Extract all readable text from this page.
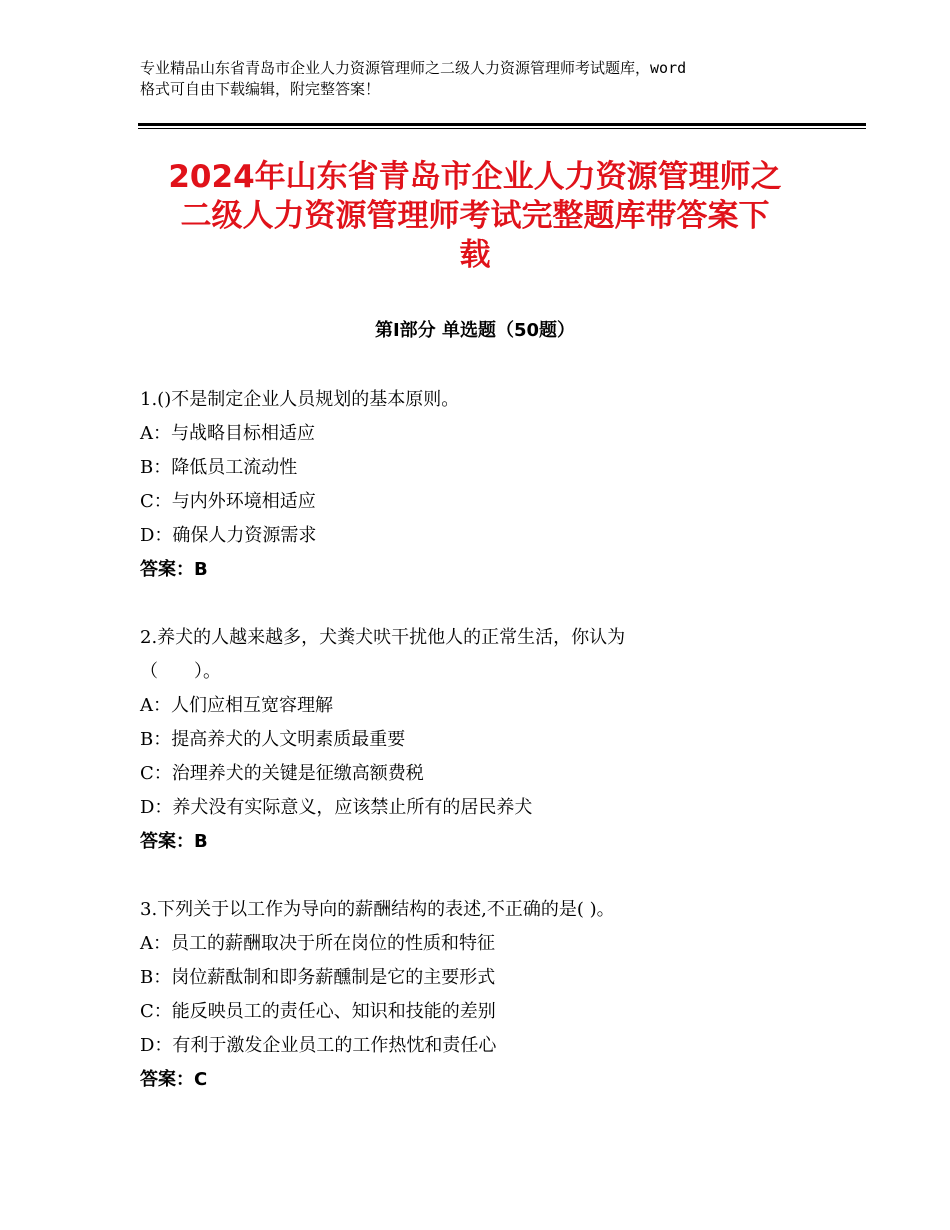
专业精品山东省青岛市企业人力资源管理师之二级人力资源管理师考试题库，word
格式可自由下载编辑，附完整答案！
2024年山东省青岛市企业人力资源管理师之
二级人力资源管理师考试完整题库带答案下
载
第Ⅰ部分 单选题（50题）
1.()不是制定企业人员规划的基本原则。
A：与战略目标相适应
B：降低员工流动性
C：与内外环境相适应
D：确保人力资源需求
答案：B
2.养犬的人越来越多，犬粪犬吠干扰他人的正常生活，你认为
（　　）。
A：人们应相互宽容理解
B：提高养犬的人文明素质最重要
C：治理养犬的关键是征缴高额费税
D：养犬没有实际意义，应该禁止所有的居民养犬
答案：B
3.下列关于以工作为导向的薪酬结构的表述,不正确的是( )。
A：员工的薪酬取决于所在岗位的性质和特征
B：岗位薪酞制和即务薪醺制是它的主要形式
C：能反映员工的责任心、知识和技能的差别
D：有利于激发企业员工的工作热忱和责任心
答案：C
